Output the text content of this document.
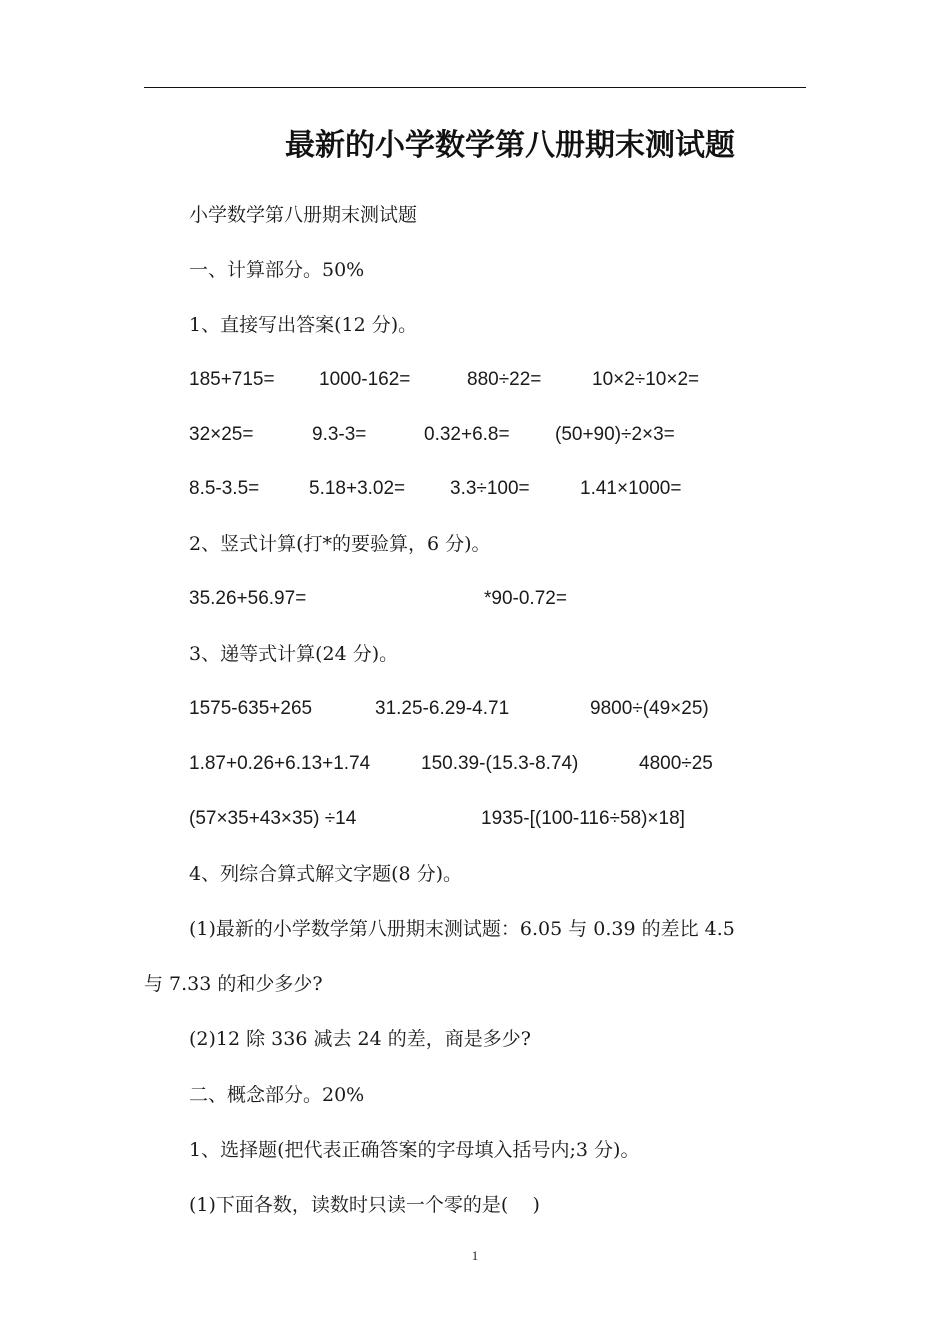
最新的小学数学第八册期末测试题
小学数学第八册期末测试题
一、计算部分。50%
1、直接写出答案(12 分)。
185+715= 1000-162=	880÷22=	10×2÷10×2=
32×25=	9.3-3=	0.32+6.8= (50+90)÷2×3=
8.5-3.5=	5.18+3.02= 3.3÷100=	1.41×1000=
2、竖式计算(打*的要验算，6 分)。
35.26+56.97=	*90-0.72=
3、递等式计算(24 分)。
1575-635+265	31.25-6.29-4.71	9800÷(49×25)
1.87+0.26+6.13+1.74	150.39-(15.3-8.74)	4800÷25
(57×35+43×35) ÷14	1935-[(100-116÷58)×18]
4、列综合算式解文字题(8 分)。
(1)最新的小学数学第八册期末测试题：6.05 与 0.39 的差比 4.5
与 7.33 的和少多少?
(2)12 除 336 减去 24 的差，商是多少?
二、概念部分。20%
1、选择题(把代表正确答案的字母填入括号内;3 分)。
(1)下面各数，读数时只读一个零的是(    )
1
